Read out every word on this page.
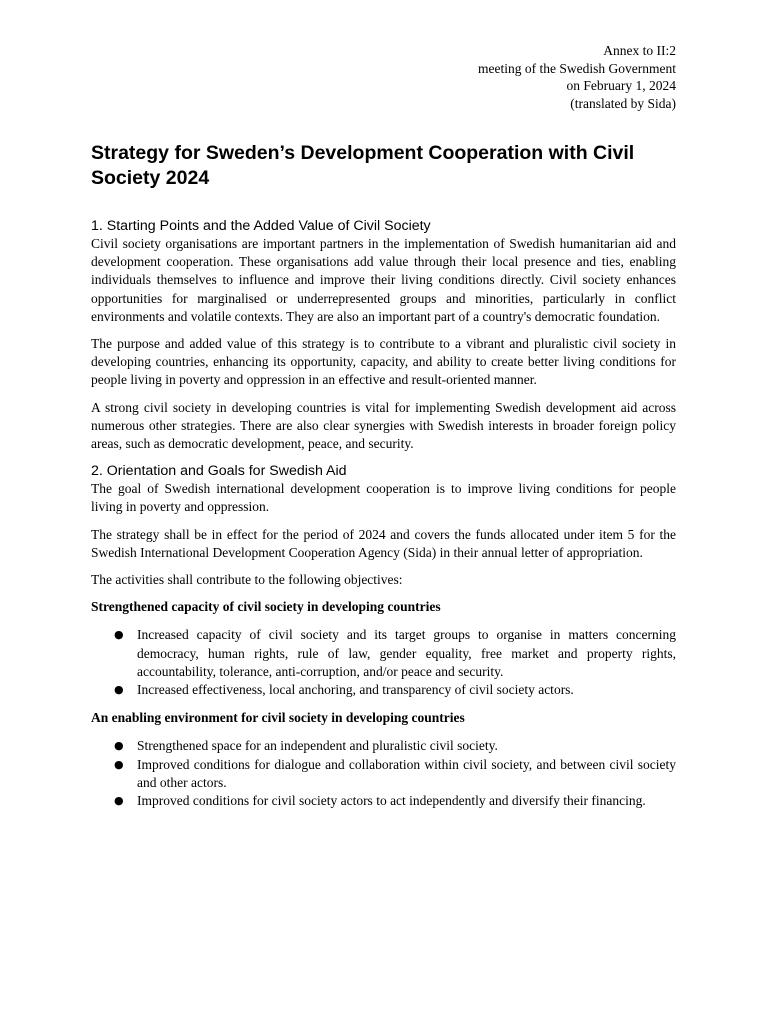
Annex to II:2
meeting of the Swedish Government
on February 1, 2024
(translated by Sida)
Strategy for Sweden’s Development Cooperation with Civil Society 2024
1. Starting Points and the Added Value of Civil Society

Civil society organisations are important partners in the implementation of Swedish humanitarian aid and development cooperation. These organisations add value through their local presence and ties, enabling individuals themselves to influence and improve their living conditions directly. Civil society enhances opportunities for marginalised or underrepresented groups and minorities, particularly in conflict environments and volatile contexts. They are also an important part of a country's democratic foundation.

The purpose and added value of this strategy is to contribute to a vibrant and pluralistic civil society in developing countries, enhancing its opportunity, capacity, and ability to create better living conditions for people living in poverty and oppression in an effective and result-oriented manner.

A strong civil society in developing countries is vital for implementing Swedish development aid across numerous other strategies. There are also clear synergies with Swedish interests in broader foreign policy areas, such as democratic development, peace, and security.

2. Orientation and Goals for Swedish Aid

The goal of Swedish international development cooperation is to improve living conditions for people living in poverty and oppression.

The strategy shall be in effect for the period of 2024 and covers the funds allocated under item 5 for the Swedish International Development Cooperation Agency (Sida) in their annual letter of appropriation.

The activities shall contribute to the following objectives:

Strengthened capacity of civil society in developing countries

● Increased capacity of civil society and its target groups to organise in matters concerning democracy, human rights, rule of law, gender equality, free market and property rights, accountability, tolerance, anti-corruption, and/or peace and security.
● Increased effectiveness, local anchoring, and transparency of civil society actors.

An enabling environment for civil society in developing countries

● Strengthened space for an independent and pluralistic civil society.
● Improved conditions for dialogue and collaboration within civil society, and between civil society and other actors.
● Improved conditions for civil society actors to act independently and diversify their financing.
